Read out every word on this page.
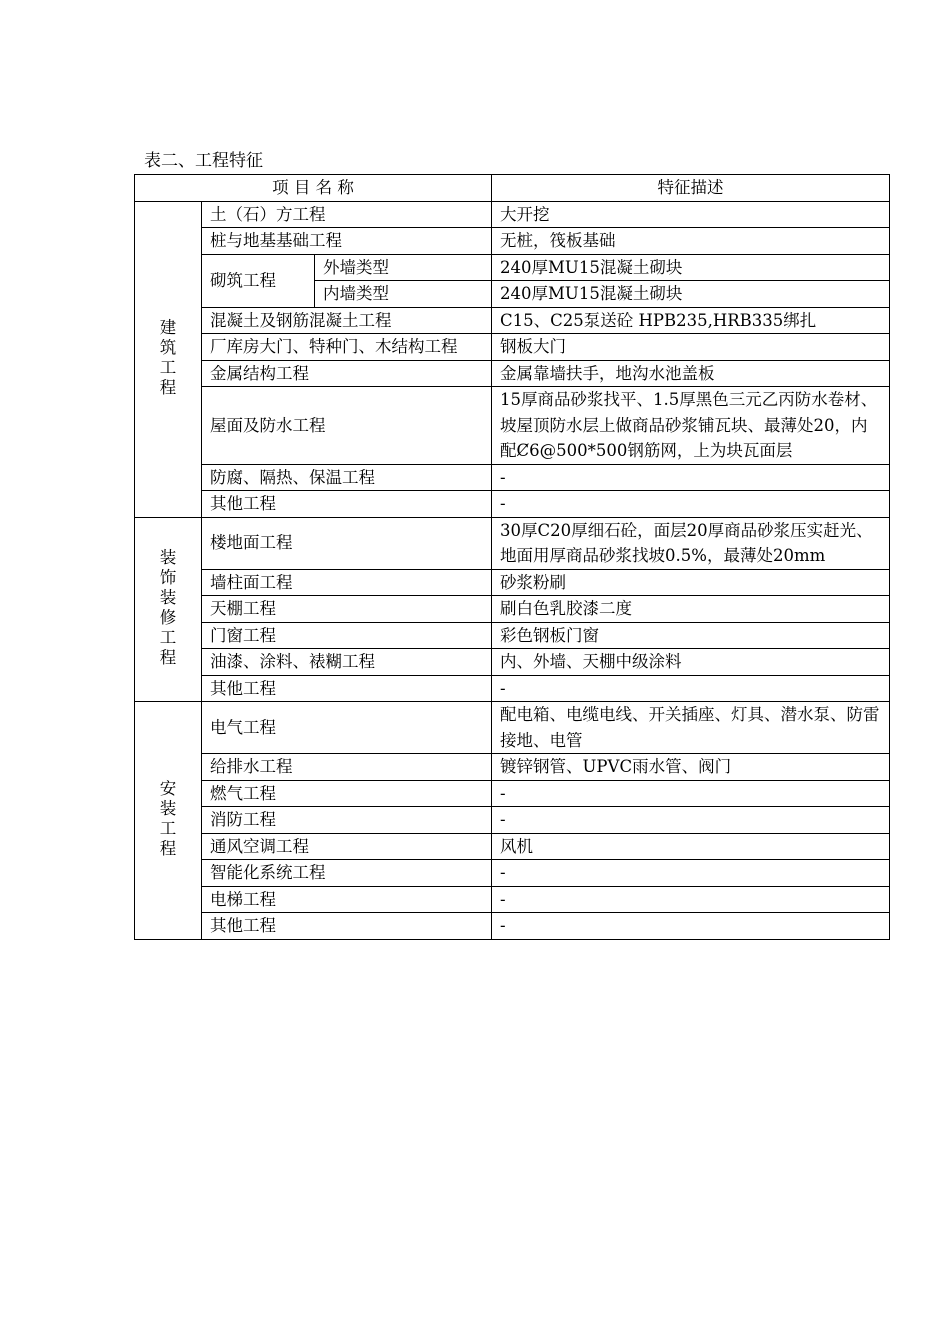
表二、工程特征
项 目 名 称			特征描述
建筑工程	土（石）方工程		大开挖
	桩与地基基础工程		无桩，筏板基础
	砌筑工程	外墙类型	240厚MU15混凝土砌块
		内墙类型	240厚MU15混凝土砌块
	混凝土及钢筋混凝土工程		C15、C25泵送砼 HPB235,HRB335绑扎
	厂库房大门、特种门、木结构工程		钢板大门
	金属结构工程		金属靠墙扶手，地沟水池盖板
	屋面及防水工程		15厚商品砂浆找平、1.5厚黑色三元乙丙防水卷材、坡屋顶防水层上做商品砂浆铺瓦块、最薄处20，内配Ȼ6@500*500钢筋网，上为块瓦面层
	防腐、隔热、保温工程		-
	其他工程		-
装饰装修工程	楼地面工程		30厚C20厚细石砼，面层20厚商品砂浆压实赶光、地面用厚商品砂浆找坡0.5%，最薄处20mm
	墙柱面工程		砂浆粉刷
	天棚工程		刷白色乳胶漆二度
	门窗工程		彩色钢板门窗
	油漆、涂料、裱糊工程		内、外墙、天棚中级涂料
	其他工程		-
安装工程	电气工程		配电箱、电缆电线、开关插座、灯具、潜水泵、防雷接地、电管
	给排水工程		镀锌钢管、UPVC雨水管、阀门
	燃气工程		-
	消防工程		-
	通风空调工程		风机
	智能化系统工程		-
	电梯工程		-
	其他工程		-
